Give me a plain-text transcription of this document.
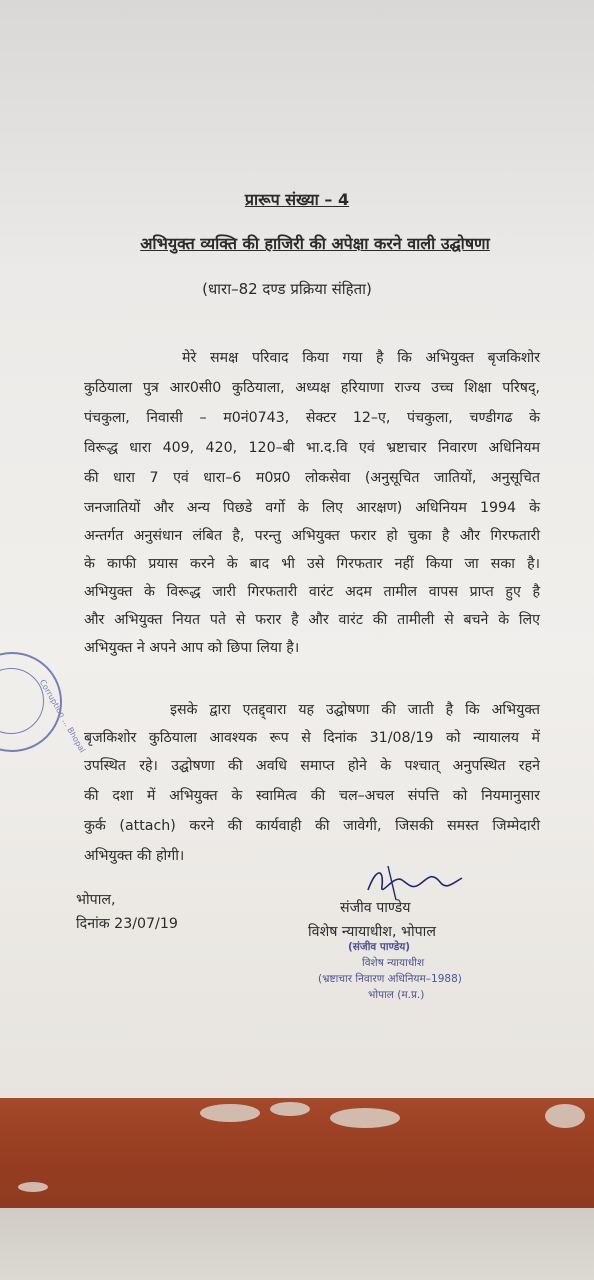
प्रारूप संख्या – 4
अभियुक्त व्यक्ति की हाजिरी की अपेक्षा करने वाली उद्घोषणा
(धारा–82 दण्ड प्रक्रिया संहिता)
मेरे समक्ष परिवाद किया गया है कि अभियुक्त बृजकिशोर
कुठियाला पुत्र आर0सी0 कुठियाला, अध्यक्ष हरियाणा राज्य उच्च शिक्षा परिषद्,
पंचकुला, निवासी – म0नं0743, सेक्टर 12–ए, पंचकुला, चण्डीगढ के
विरूद्ध धारा 409, 420, 120–बी भा.द.वि एवं भ्रष्टाचार निवारण अधिनियम
की धारा 7 एवं धारा–6 म0प्र0 लोकसेवा (अनुसूचित जातियों, अनुसूचित
जनजातियों और अन्य पिछडे वर्गो के लिए आरक्षण) अधिनियम 1994 के
अन्तर्गत अनुसंधान लंबित है, परन्तु अभियुक्त फरार हो चुका है और गिरफतारी
के काफी प्रयास करने के बाद भी उसे गिरफतार नहीं किया जा सका है।
अभियुक्त के विरूद्ध जारी गिरफतारी वारंट अदम तामील वापस प्राप्त हुए है
और अभियुक्त नियत पते से फरार है और वारंट की तामीली से बचने के लिए
अभियुक्त ने अपने आप को छिपा लिया है।
इसके द्वारा एतद्द्वारा यह उद्घोषणा की जाती है कि अभियुक्त
बृजकिशोर कुठियाला आवश्यक रूप से दिनांक 31/08/19 को न्यायालय में
उपस्थित रहे। उद्घोषणा की अवधि समाप्त होने के पश्चात् अनुपस्थित रहने
की दशा में अभियुक्त के स्वामित्व की चल–अचल संपत्ति को नियमानुसार
कुर्क (attach) करने की कार्यवाही की जावेगी, जिसकी समस्त जिम्मेदारी
अभियुक्त की होगी।
भोपाल,
दिनांक 23/07/19
संजीव पाण्डेय
विशेष न्यायाधीश, भोपाल
(संजीव पाण्डेय)
विशेष न्यायाधीश
(भ्रष्टाचार निवारण अधिनियम–1988)
भोपाल (म.प्र.)
Corruption ... Bhopal
